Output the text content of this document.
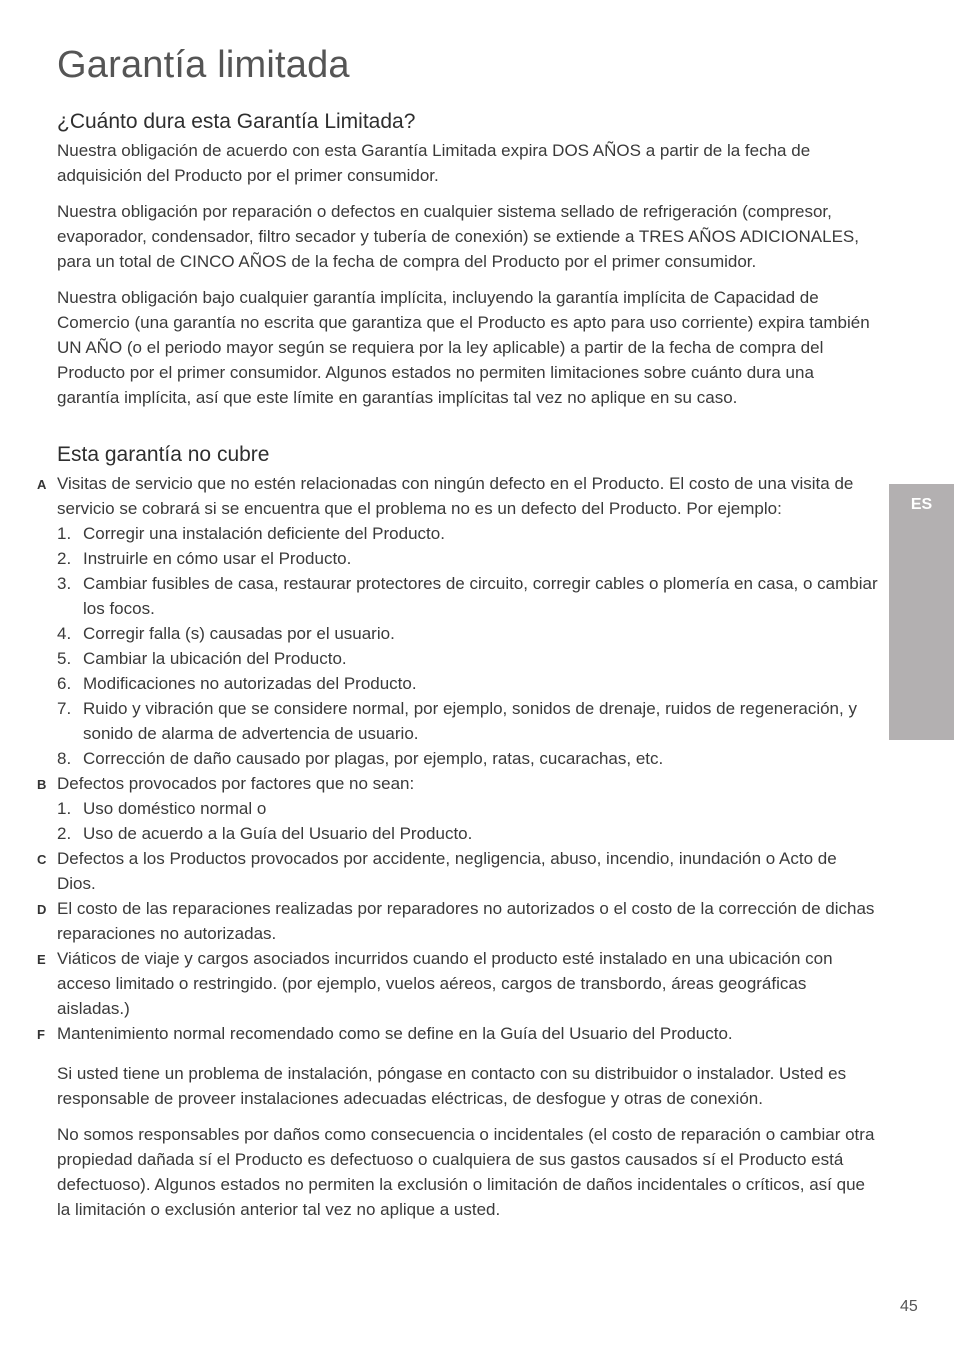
Garantía limitada
¿Cuánto dura esta Garantía Limitada?

Nuestra obligación de acuerdo con esta Garantía Limitada expira DOS AÑOS a partir de la fecha de adquisición del Producto por el primer consumidor.

Nuestra obligación por reparación o defectos en cualquier sistema sellado de refrigeración (compresor, evaporador, condensador, filtro secador y tubería de conexión) se extiende a TRES AÑOS ADICIONALES, para un total de CINCO AÑOS de la fecha de compra del Producto por el primer consumidor.

Nuestra obligación bajo cualquier garantía implícita, incluyendo la garantía implícita de Capacidad de Comercio (una garantía no escrita que garantiza que el Producto es apto para uso corriente) expira también UN AÑO (o el periodo mayor según se requiera por la ley aplicable) a partir de la fecha de compra del Producto por el primer consumidor. Algunos estados no permiten limitaciones sobre cuánto dura una garantía implícita, así que este límite en garantías implícitas tal vez no aplique en su caso.

Esta garantía no cubre
A Visitas de servicio que no estén relacionadas con ningún defecto en el Producto. El costo de una visita de servicio se cobrará si se encuentra que el problema no es un defecto del Producto. Por ejemplo:
1. Corregir una instalación deficiente del Producto.
2. Instruirle en cómo usar el Producto.
3. Cambiar fusibles de casa, restaurar protectores de circuito, corregir cables o plomería en casa, o cambiar los focos.
4. Corregir falla (s) causadas por el usuario.
5. Cambiar la ubicación del Producto.
6. Modificaciones no autorizadas del Producto.
7. Ruido y vibración que se considere normal, por ejemplo, sonidos de drenaje, ruidos de regeneración, y sonido de alarma de advertencia de usuario.
8. Corrección de daño causado por plagas, por ejemplo, ratas, cucarachas, etc.
B Defectos provocados por factores que no sean:
1. Uso doméstico normal o
2. Uso de acuerdo a la Guía del Usuario del Producto.
C Defectos a los Productos provocados por accidente, negligencia, abuso, incendio, inundación o Acto de Dios.
D El costo de las reparaciones realizadas por reparadores no autorizados o el costo de la corrección de dichas reparaciones no autorizadas.
E Viáticos de viaje y cargos asociados incurridos cuando el producto esté instalado en una ubicación con acceso limitado o restringido. (por ejemplo, vuelos aéreos, cargos de transbordo, áreas geográficas aisladas.)
F Mantenimiento normal recomendado como se define en la Guía del Usuario del Producto.

Si usted tiene un problema de instalación, póngase en contacto con su distribuidor o instalador. Usted es responsable de proveer instalaciones adecuadas eléctricas, de desfogue y otras de conexión.

No somos responsables por daños como consecuencia o incidentales (el costo de reparación o cambiar otra propiedad dañada sí el Producto es defectuoso o cualquiera de sus gastos causados sí el Producto está defectuoso). Algunos estados no permiten la exclusión o limitación de daños incidentales o críticos, así que la limitación o exclusión anterior tal vez no aplique a usted.

ES
45
